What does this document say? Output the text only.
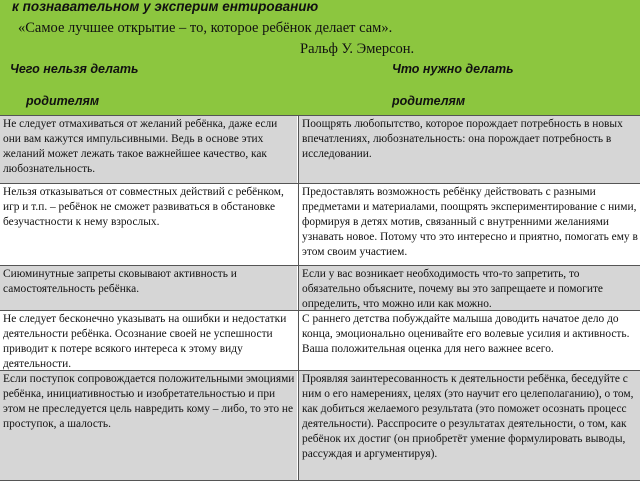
к познавательном у эксперим ентированию
«Самое лучшее открытие – то, которое ребёнок делает сам».
Ральф У. Эмерсон.
Чего нельзя делать
родителям
Что нужно делать
родителям
Не следует отмахиваться от желаний ребёнка, даже если они вам кажутся импульсивными. Ведь в основе этих желаний может лежать такое важнейшее качество, как любознательность.
Поощрять любопытство, которое порождает потребность в новых впечатлениях, любознательность: она порождает потребность в исследовании.
Нельзя отказываться от совместных действий с ребёнком, игр и т.п. – ребёнок не сможет развиваться в обстановке безучастности к нему взрослых.
Предоставлять возможность ребёнку действовать с разными предметами и материалами, поощрять экспериментирование с ними, формируя в детях мотив, связанный с внутренними желаниями узнавать новое. Потому что это интересно и приятно, помогать ему в этом своим участием.
Сиюминутные запреты сковывают активность и самостоятельность ребёнка.
Если у вас возникает необходимость что-то запретить, то обязательно объясните, почему вы это запрещаете и помогите определить, что можно или как можно.
Не следует бесконечно указывать на ошибки и недостатки деятельности ребёнка. Осознание своей не успешности приводит к потере всякого интереса к этому виду деятельности.
С раннего детства побуждайте малыша доводить начатое дело до конца, эмоционально оценивайте его волевые усилия и активность. Ваша положительная оценка для него важнее всего.
Если поступок сопровождается положительными эмоциями ребёнка, инициативностью и изобретательностью и при этом не преследуется цель навредить кому – либо, то это не проступок, а шалость.
Проявляя заинтересованность к деятельности ребёнка, беседуйте с ним о его намерениях, целях (это научит его целеполаганию), о том, как добиться желаемого результата (это поможет осознать процесс деятельности). Расспросите о результатах деятельности, о том, как ребёнок их достиг (он приобретёт умение формулировать выводы, рассуждая и аргументируя).
